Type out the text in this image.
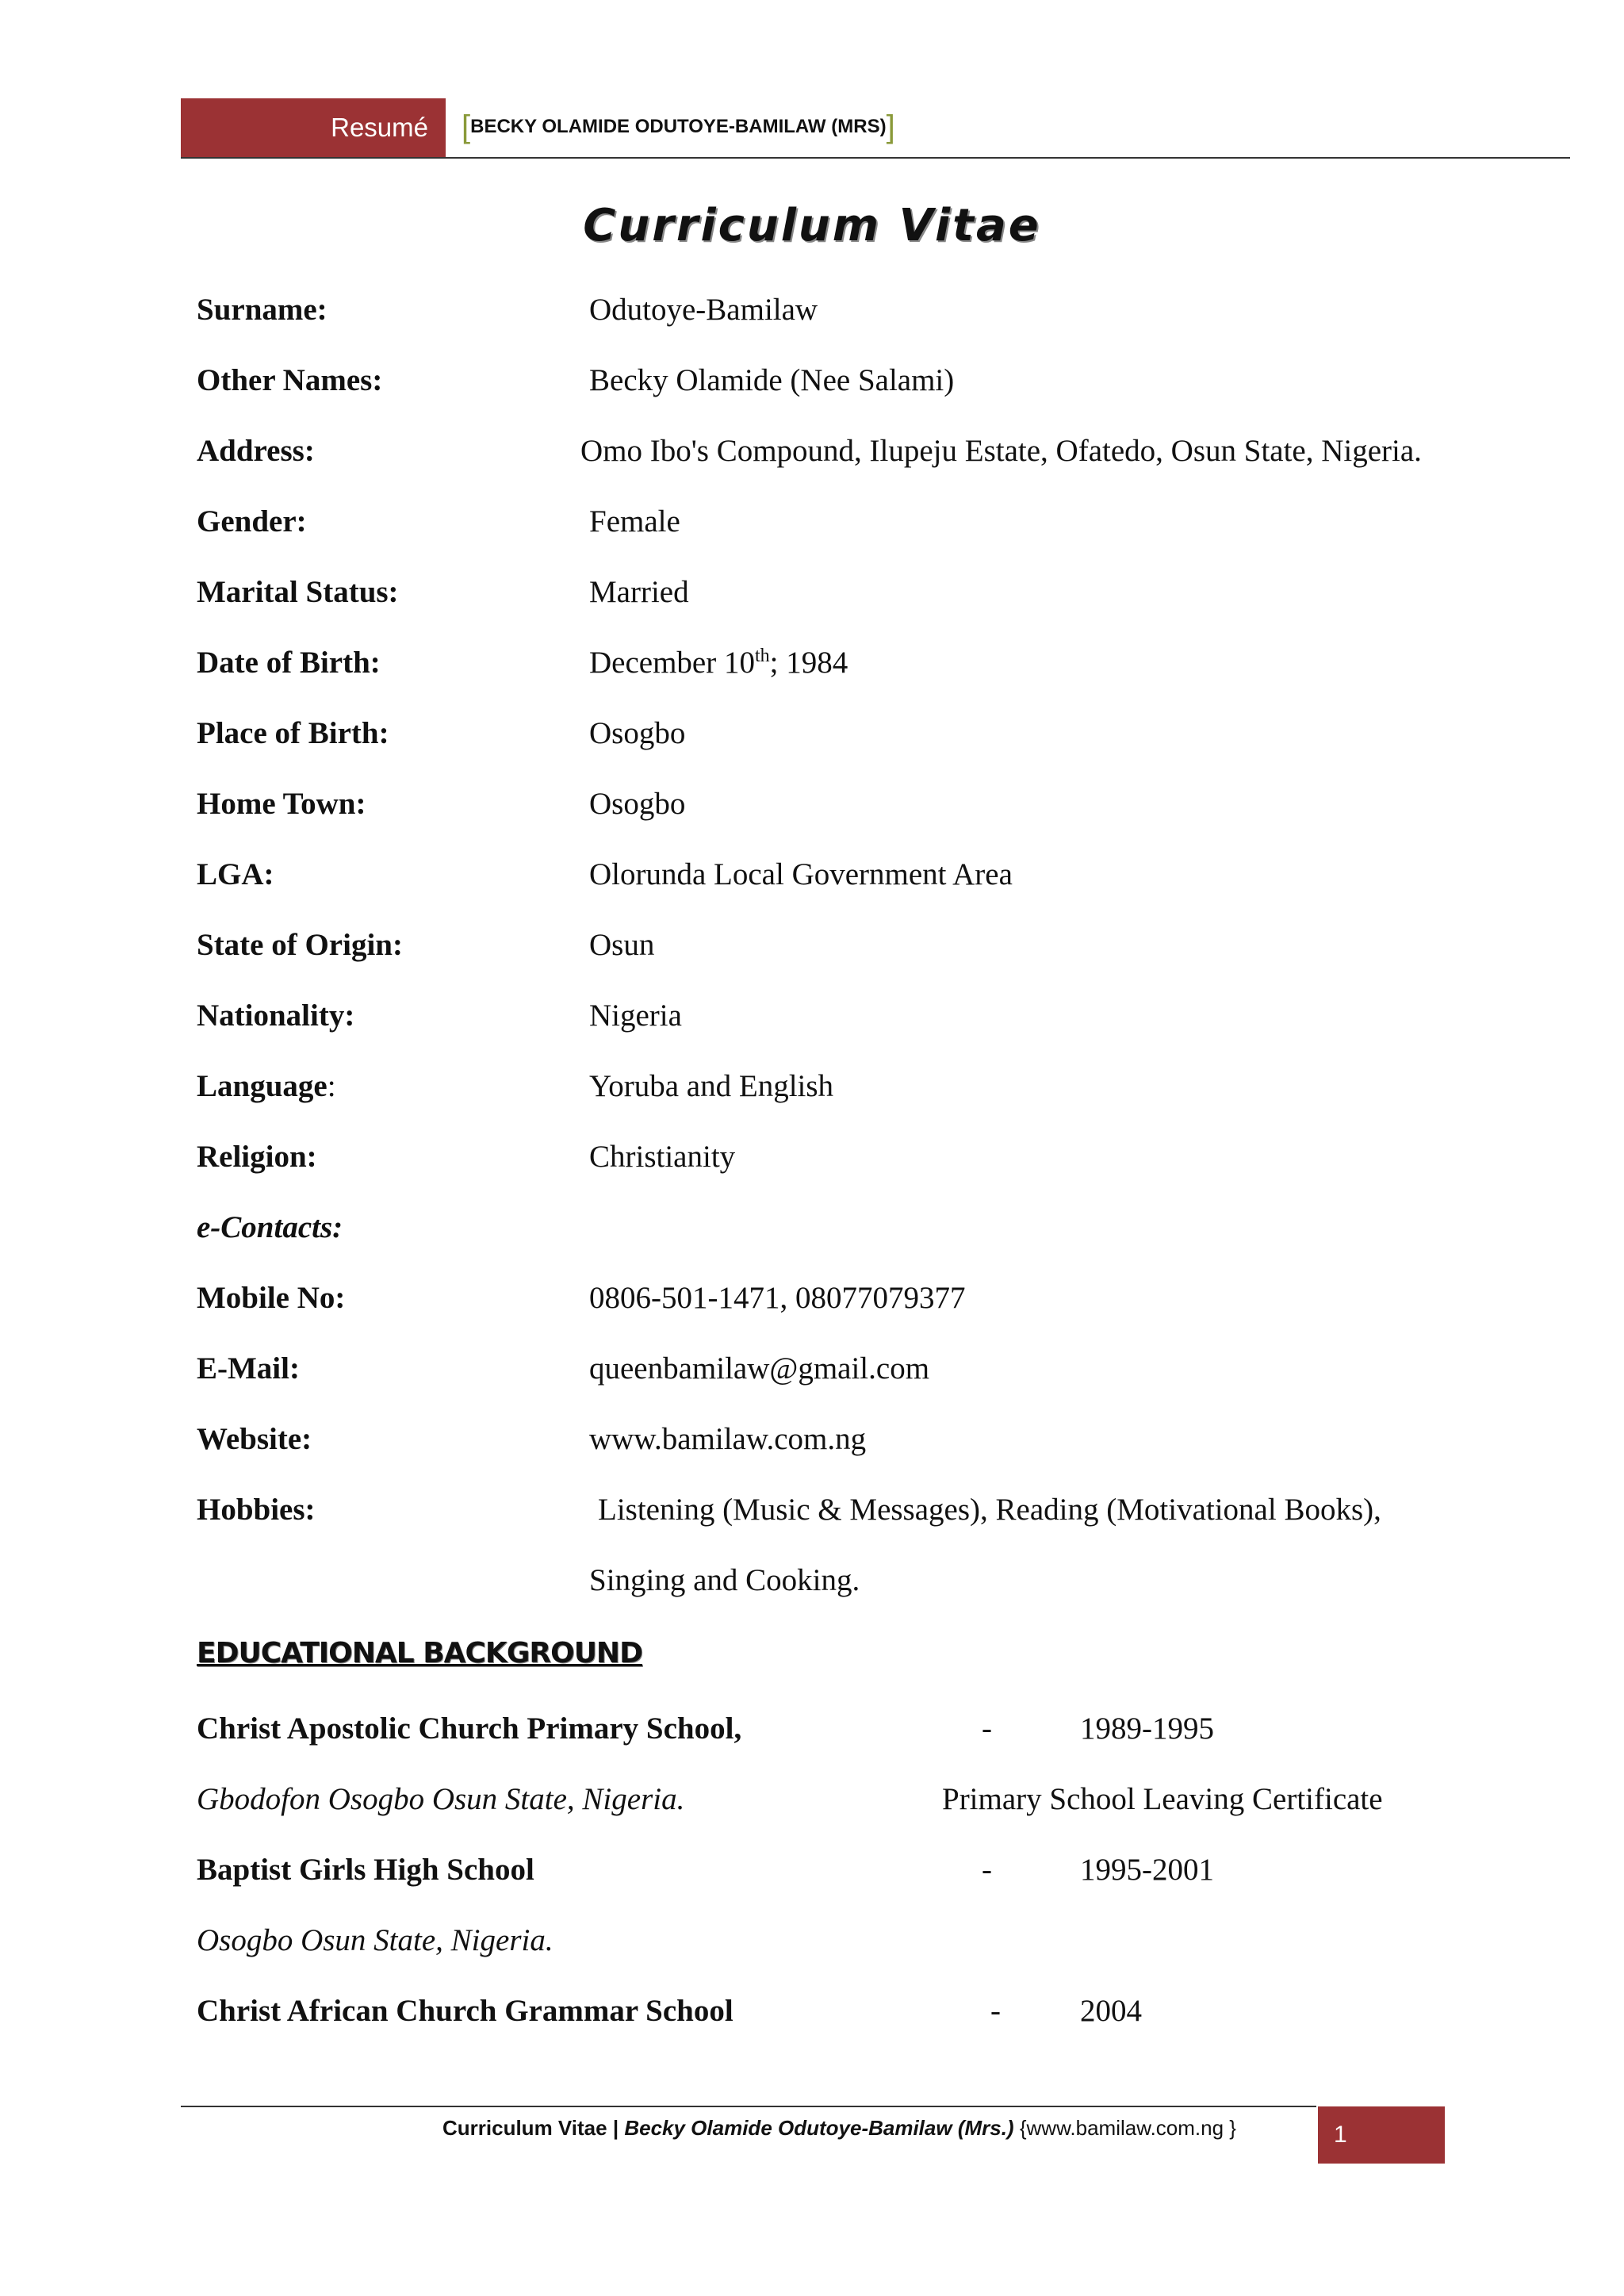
Resumé [BECKY OLAMIDE ODUTOYE-BAMILAW (MRS)]
Curriculum Vitae
Surname:	Odutoye-Bamilaw
Other Names:	Becky Olamide (Nee Salami)
Address:	Omo Ibo's Compound, Ilupeju Estate, Ofatedo, Osun State, Nigeria.
Gender:	Female
Marital Status:	Married
Date of Birth:	December 10th; 1984
Place of Birth:	Osogbo
Home Town:	Osogbo
LGA:	Olorunda Local Government Area
State of Origin:	Osun
Nationality:	Nigeria
Language:	Yoruba and English
Religion:	Christianity
e-Contacts:
Mobile No:	0806-501-1471, 08077079377
E-Mail:	queenbamilaw@gmail.com
Website:	www.bamilaw.com.ng
Hobbies:	Listening (Music & Messages), Reading (Motivational Books),
Singing and Cooking.
EDUCATIONAL BACKGROUND
Christ Apostolic Church Primary School,	-	1989-1995
Gbodofon Osogbo Osun State, Nigeria.	Primary School Leaving Certificate
Baptist Girls High School	-	1995-2001
Osogbo Osun State, Nigeria.
Christ African Church Grammar School	-	2004
Curriculum Vitae | Becky Olamide Odutoye-Bamilaw (Mrs.) {www.bamilaw.com.ng }	1
